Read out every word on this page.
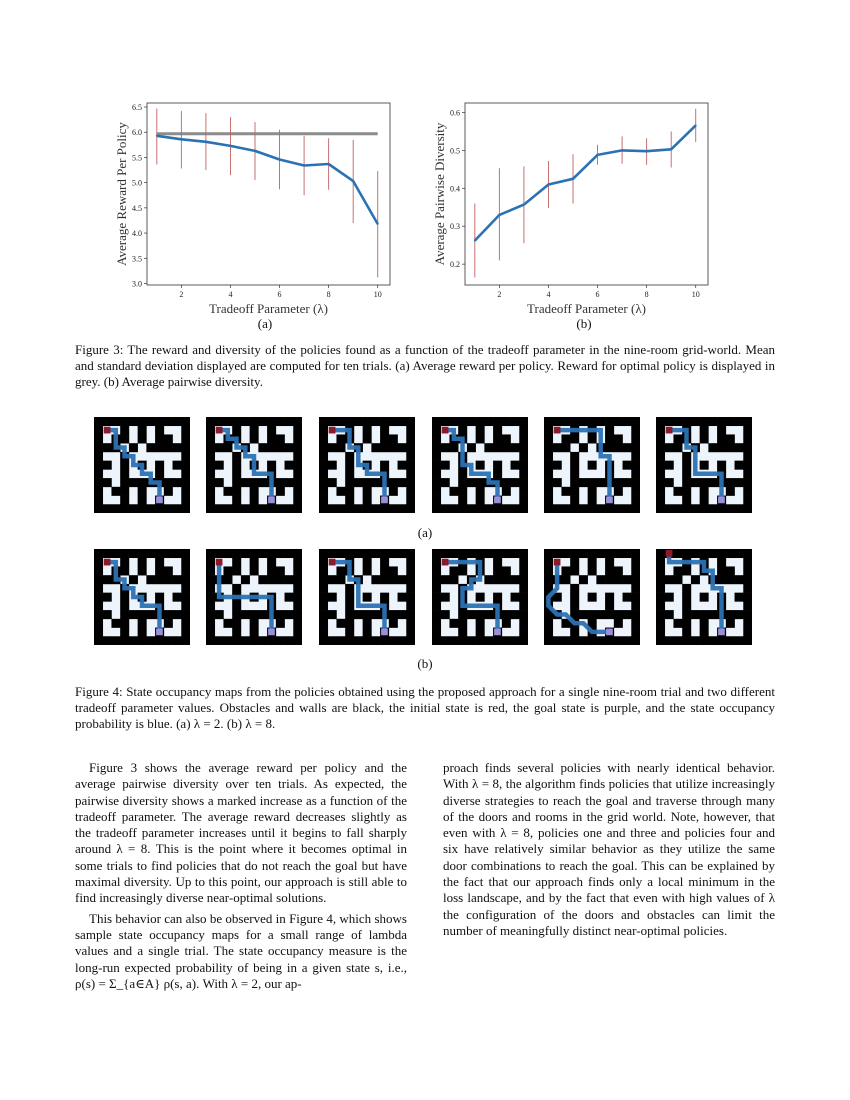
3.0
3.5
4.0
4.5
5.0
5.5
6.0
6.5
2	4	6	8	10
Tradeoff Parameter (λ)
Average Reward Per Policy
(a)
0.2
0.3
0.4
0.5
0.6
2	4	6	8	10
Tradeoff Parameter (λ)
Average Pairwise Diversity
(b)
Figure 3: The reward and diversity of the policies found as a function of the tradeoff parameter in the nine-room grid-world. Mean and standard deviation displayed are computed for ten trials. (a) Average reward per policy. Reward for optimal policy is displayed in grey. (b) Average pairwise diversity.
(a)
(b)
Figure 4: State occupancy maps from the policies obtained using the proposed approach for a single nine-room trial and two different tradeoff parameter values. Obstacles and walls are black, the initial state is red, the goal state is purple, and the state occupancy probability is blue. (a) λ = 2. (b) λ = 8.

Figure 3 shows the average reward per policy and the average pairwise diversity over ten trials. As expected, the pairwise diversity shows a marked increase as a function of the tradeoff parameter. The average reward decreases slightly as the tradeoff parameter increases until it begins to fall sharply around λ = 8. This is the point where it becomes optimal in some trials to find policies that do not reach the goal but have maximal diversity. Up to this point, our approach is still able to find increasingly diverse near-optimal solutions.

This behavior can also be observed in Figure 4, which shows sample state occupancy maps for a small range of lambda values and a single trial. The state occupancy measure is the long-run expected probability of being in a given state s, i.e., ρ(s) = Σ_{a∈A} ρ(s, a). With λ = 2, our ap-

proach finds several policies with nearly identical behavior. With λ = 8, the algorithm finds policies that utilize increasingly diverse strategies to reach the goal and traverse through many of the doors and rooms in the grid world. Note, however, that even with λ = 8, policies one and three and policies four and six have relatively similar behavior as they utilize the same door combinations to reach the goal. This can be explained by the fact that our approach finds only a local minimum in the loss landscape, and by the fact that even with high values of λ the configuration of the doors and obstacles can limit the number of meaningfully distinct near-optimal policies.
